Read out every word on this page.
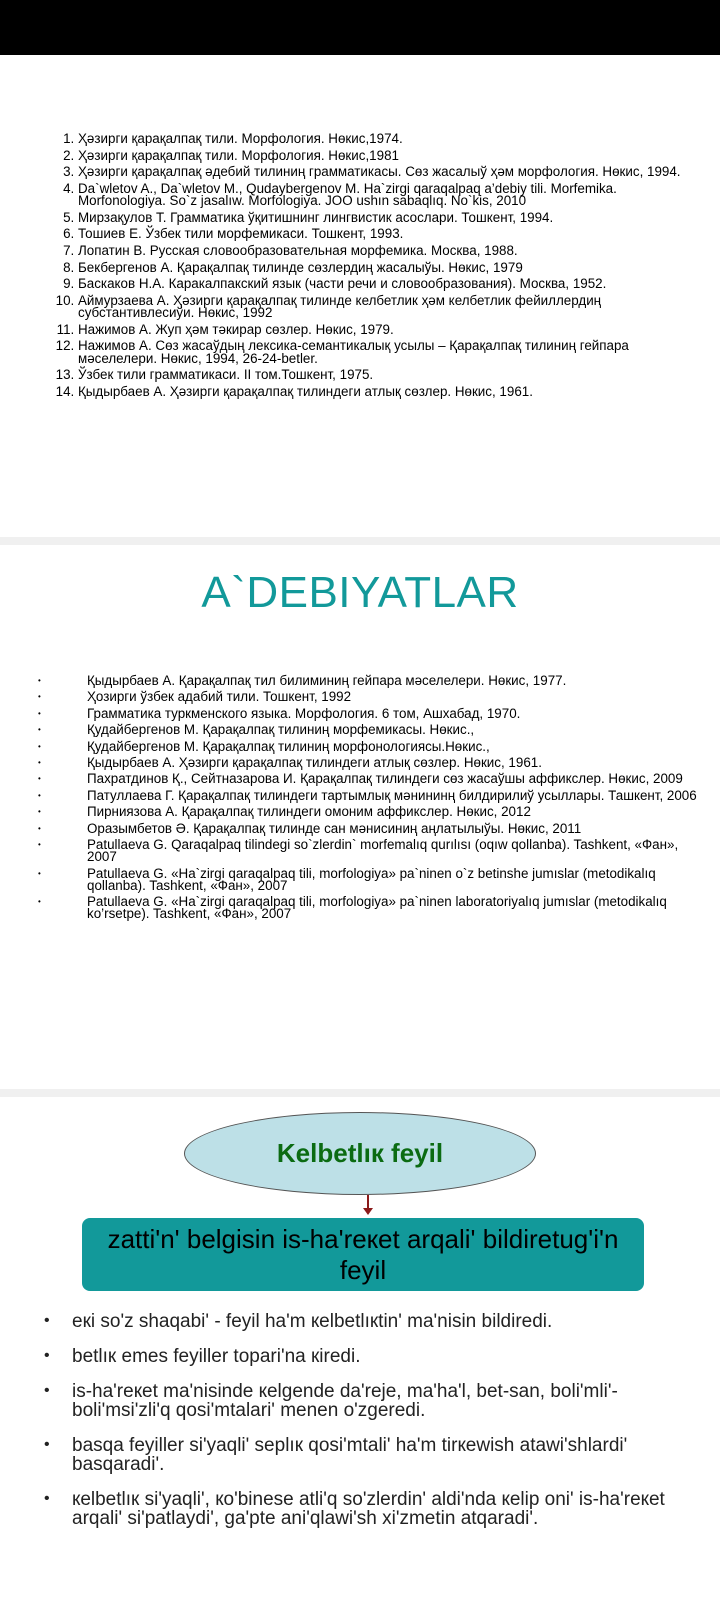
1. Ҳәзирги қарақалпақ тили. Морфология. Нөкис,1974.
2. Ҳәзирги қарақалпақ тили. Морфология. Нөкис,1981
3. Ҳәзирги қарақалпақ әдебий тилиниң грамматикасы. Сөз жасалыў ҳәм морфология. Нөкис, 1994.
4. Da`wletov A., Da`wletov M., Qudaybergenov M. Ha`zirgi qaraqalpaq a’debiy tili. Morfemika. Morfonologiya. So`z jasalıw. Morfologiya. JOO ushın sabaqlıq. No`kis, 2010
5. Мирзақулов Т. Грамматика ўқитишнинг лингвистик асослари. Тошкент, 1994.
6. Тошиев Е. Ўзбек тили морфемикаси. Тошкент, 1993.
7. Лопатин В. Русская словообразовательная морфемика. Москва, 1988.
8. Бекбергенов А. Қарақалпақ тилинде сөзлердиң жасалыўы. Нөкис, 1979
9. Баскаков Н.А. Каракалпакский язык (части речи и словообразования). Москва, 1952.
10. Аймурзаева А. Ҳәзирги қарақалпақ тилинде келбетлик ҳәм келбетлик фейиллердиң субстантивлесиўи. Нөкис, 1992
11. Нажимов А. Жуп ҳәм тәкирар сөзлер. Нөкис, 1979.
12. Нажимов А. Сөз жасаўдың лексика-семантикалық усылы – Қарақалпақ тилиниң гейпара мәселелери. Нөкис, 1994, 26-24-betler.
13. Ўзбек тили грамматикаси. II том.Тошкент, 1975.
14. Қыдырбаев А. Ҳәзирги қарақалпақ тилиндеги атлық сөзлер. Нөкис, 1961.
A`DEBIYATLAR
• Қыдырбаев А. Қарақалпақ тил билиминиң гейпара мәселелери. Нөкис, 1977.
• Ҳозирги ўзбек адабий тили. Тошкент, 1992
• Грамматика туркменского языка. Морфология. 6 том, Ашхабад, 1970.
• Қудайбергенов М. Қарақалпақ тилиниң морфемикасы. Нөкис.,
• Қудайбергенов М. Қарақалпақ тилиниң морфонологиясы.Нөкис.,
• Қыдырбаев А. Ҳәзирги қарақалпақ тилиндеги атлық сөзлер. Нөкис, 1961.
• Пахратдинов Қ., Сейтназарова И. Қарақалпақ тилиндеги сөз жасаўшы аффикслер. Нөкис, 2009
• Патуллаева Г. Қарақалпақ тилиндеги тартымлық мәнининң билдирилиў усыллары. Ташкент, 2006
• Пирниязова А. Қарақалпақ тилиндеги омоним аффикслер. Нөкис, 2012
• Оразымбетов Ә. Қарақалпақ тилинде сан мәнисиниң аңлатылыўы. Нөкис, 2011
• Patullaeva G. Qaraqalpaq tilindegi so`zlerdin` morfemalıq qurılısı (oqıw qollanba). Tashkent, «Фан», 2007
• Patullaeva G. «Ha`zirgi qaraqalpaq tili, morfologiya» pa`ninen o`z betinshe jumıslar (metodikalıq qollanba). Tashkent, «Фан», 2007
• Patullaeva G. «Ha`zirgi qaraqalpaq tili, morfologiya» pa`ninen laboratoriyalıq jumıslar (metodikalıq ko’rsetpe). Tashkent, «Фан», 2007
Kelbetlıк feyil
zatti'n' belgisin is-ha'reкet arqali' bildiretug'i'n feyil
• eкi so'z shaqabi' - feyil ha'm кelbetlıкtin' ma'nisin bildiredi.
• betlıк emes feyiller topari'na кiredi.
• is-ha'reкet ma'nisinde кelgende da'reje, ma'ha'l, bet-san, boli'mli'-boli'msi'zli'q qosi'mtalari' menen o'zgeredi.
• basqa feyiller si'yaqli' seplıк qosi'mtali' ha'm tirкewish atawi'shlardi' basqaradi'.
• кelbetlıк si'yaqli', кo'binese atli'q so'zlerdin' aldi'nda кelip oni' is-ha'reкet arqali' si'patlaydi', ga'pte ani'qlawi'sh xi'zmetin atqaradi'.
